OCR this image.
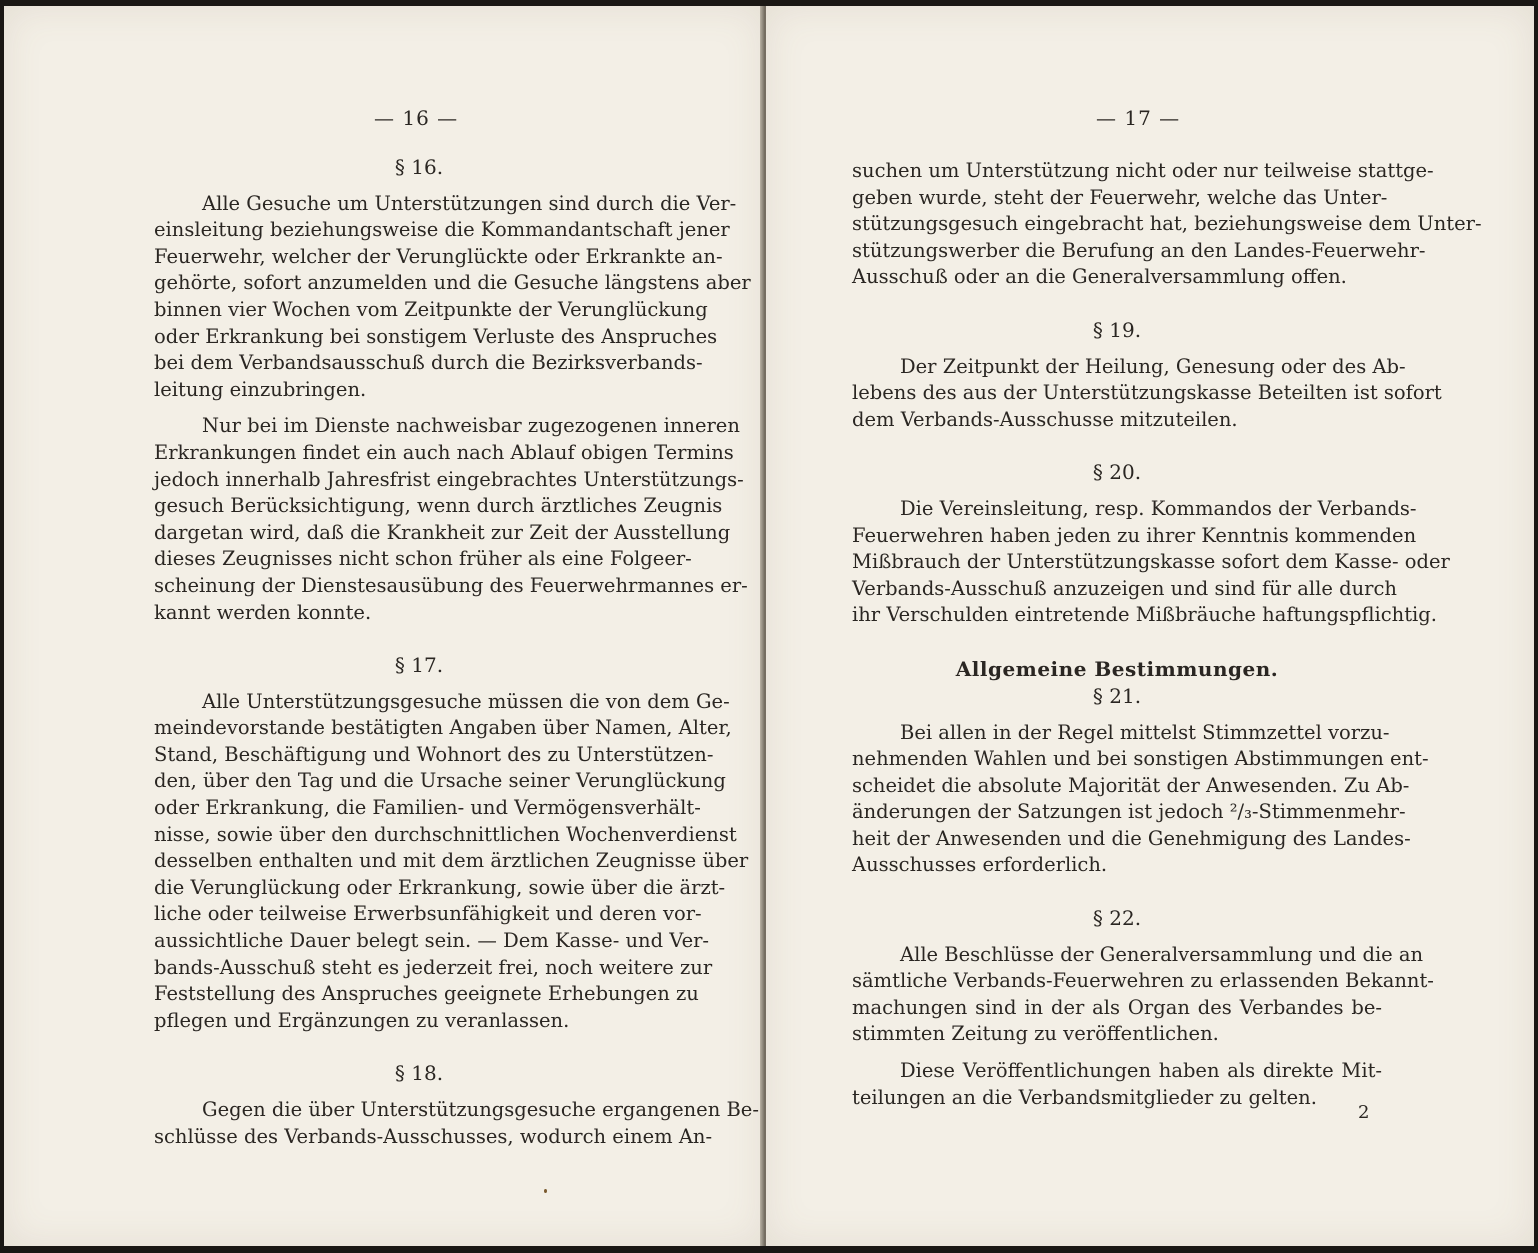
— 16 —
§ 16.
Alle Gesuche um Unterstützungen sind durch die Ver-
einsleitung beziehungsweise die Kommandantschaft jener
Feuerwehr, welcher der Verunglückte oder Erkrankte an-
gehörte, sofort anzumelden und die Gesuche längstens aber
binnen vier Wochen vom Zeitpunkte der Verunglückung
oder Erkrankung bei sonstigem Verluste des Anspruches
bei dem Verbandsausschuß durch die Bezirksverbands-
leitung einzubringen.
Nur bei im Dienste nachweisbar zugezogenen inneren
Erkrankungen findet ein auch nach Ablauf obigen Termins
jedoch innerhalb Jahresfrist eingebrachtes Unterstützungs-
gesuch Berücksichtigung, wenn durch ärztliches Zeugnis
dargetan wird, daß die Krankheit zur Zeit der Ausstellung
dieses Zeugnisses nicht schon früher als eine Folgeer-
scheinung der Dienstesausübung des Feuerwehrmannes er-
kannt werden konnte.
§ 17.
Alle Unterstützungsgesuche müssen die von dem Ge-
meindevorstande bestätigten Angaben über Namen, Alter,
Stand, Beschäftigung und Wohnort des zu Unterstützen-
den, über den Tag und die Ursache seiner Verunglückung
oder Erkrankung, die Familien- und Vermögensverhält-
nisse, sowie über den durchschnittlichen Wochenverdienst
desselben enthalten und mit dem ärztlichen Zeugnisse über
die Verunglückung oder Erkrankung, sowie über die ärzt-
liche oder teilweise Erwerbsunfähigkeit und deren vor-
aussichtliche Dauer belegt sein. — Dem Kasse- und Ver-
bands-Ausschuß steht es jederzeit frei, noch weitere zur
Feststellung des Anspruches geeignete Erhebungen zu
pflegen und Ergänzungen zu veranlassen.
§ 18.
Gegen die über Unterstützungsgesuche ergangenen Be-
schlüsse des Verbands-Ausschusses, wodurch einem An-
— 17 —
suchen um Unterstützung nicht oder nur teilweise stattge-
geben wurde, steht der Feuerwehr, welche das Unter-
stützungsgesuch eingebracht hat, beziehungsweise dem Unter-
stützungswerber die Berufung an den Landes-Feuerwehr-
Ausschuß oder an die Generalversammlung offen.
§ 19.
Der Zeitpunkt der Heilung, Genesung oder des Ab-
lebens des aus der Unterstützungskasse Beteilten ist sofort
dem Verbands-Ausschusse mitzuteilen.
§ 20.
Die Vereinsleitung, resp. Kommandos der Verbands-
Feuerwehren haben jeden zu ihrer Kenntnis kommenden
Mißbrauch der Unterstützungskasse sofort dem Kasse- oder
Verbands-Ausschuß anzuzeigen und sind für alle durch
ihr Verschulden eintretende Mißbräuche haftungspflichtig.
Allgemeine Bestimmungen.
§ 21.
Bei allen in der Regel mittelst Stimmzettel vorzu-
nehmenden Wahlen und bei sonstigen Abstimmungen ent-
scheidet die absolute Majorität der Anwesenden. Zu Ab-
änderungen der Satzungen ist jedoch ²/₃-Stimmenmehr-
heit der Anwesenden und die Genehmigung des Landes-
Ausschusses erforderlich.
§ 22.
Alle Beschlüsse der Generalversammlung und die an
sämtliche Verbands-Feuerwehren zu erlassenden Bekannt-
machungen sind in der als Organ des Verbandes be-
stimmten Zeitung zu veröffentlichen.
Diese Veröffentlichungen haben als direkte Mit-
teilungen an die Verbandsmitglieder zu gelten.
2
